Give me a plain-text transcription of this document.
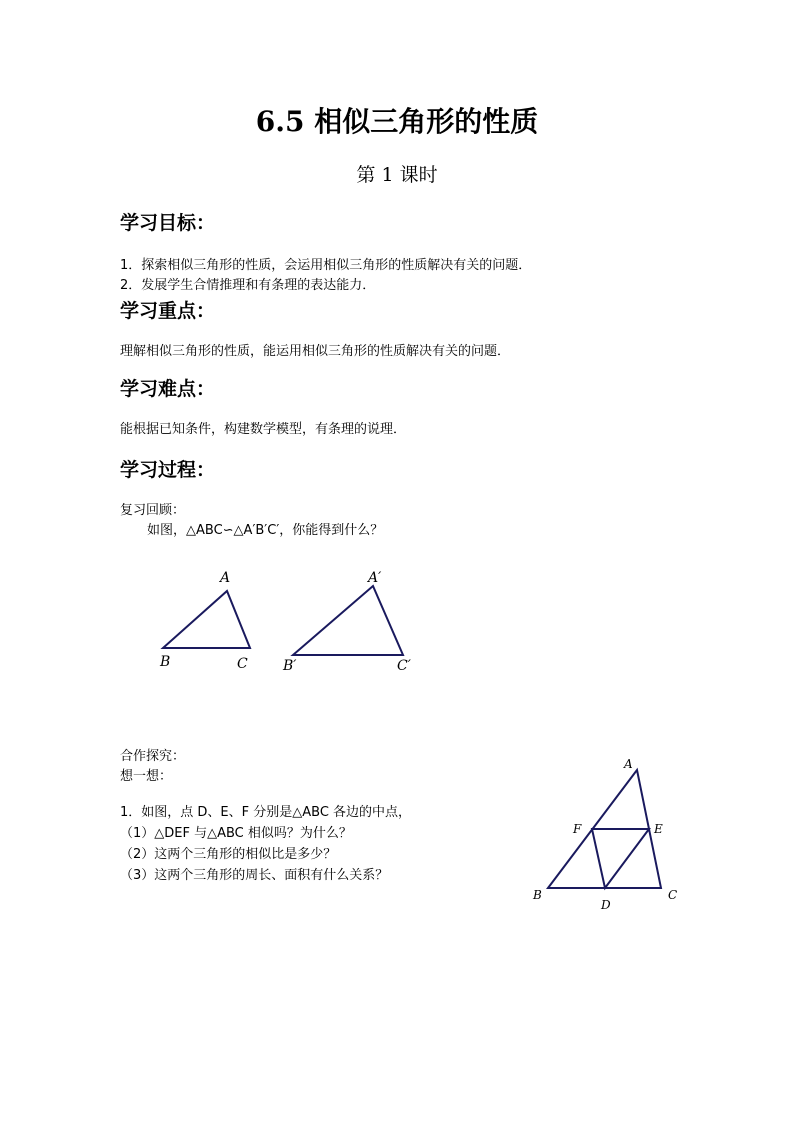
6.5 相似三角形的性质
第 1 课时
学习目标：
1．探索相似三角形的性质，会运用相似三角形的性质解决有关的问题．
2．发展学生合情推理和有条理的表达能力．
学习重点：
理解相似三角形的性质，能运用相似三角形的性质解决有关的问题．
学习难点：
能根据已知条件，构建数学模型，有条理的说理．
学习过程：
复习回顾：
如图，△ABC∽△A′B′C′，你能得到什么？
A
B	C
A′
B′	C′
合作探究：
想一想：
1．如图，点 D、E、F 分别是△ABC 各边的中点，
（1）△DEF 与△ABC 相似吗？为什么？
（2）这两个三角形的相似比是多少？
（3）这两个三角形的周长、面积有什么关系？
A
B	C
D
E
F
